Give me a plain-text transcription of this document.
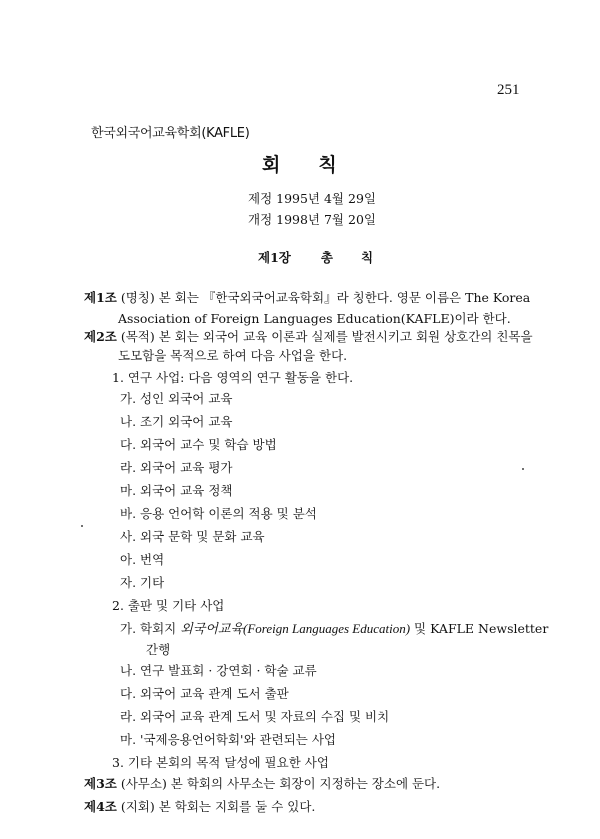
251
한국외국어교육학회(KAFLE)
회 칙
제정 1995년 4월 29일
개정 1998년 7월 20일
제1장 총 칙
제1조 (명칭) 본 회는 『한국외국어교육학회』라 칭한다. 영문 이름은 The Korea
Association of Foreign Languages Education(KAFLE)이라 한다.
제2조 (목적) 본 회는 외국어 교육 이론과 실제를 발전시키고 회원 상호간의 친목을
도모함을 목적으로 하여 다음 사업을 한다.
1. 연구 사업: 다음 영역의 연구 활동을 한다.
가. 성인 외국어 교육
나. 조기 외국어 교육
다. 외국어 교수 및 학습 방법
라. 외국어 교육 평가
마. 외국어 교육 정책
바. 응용 언어학 이론의 적용 및 분석
사. 외국 문학 및 문화 교육
아. 번역
자. 기타
2. 출판 및 기타 사업
가. 학회지 외국어교육(Foreign Languages Education) 및 KAFLE Newsletter
간행
나. 연구 발표회 · 강연회 · 학술 교류
다. 외국어 교육 관계 도서 출판
라. 외국어 교육 관계 도서 및 자료의 수집 및 비치
마. '국제응용언어학회'와 관련되는 사업
3. 기타 본회의 목적 달성에 필요한 사업
제3조 (사무소) 본 학회의 사무소는 회장이 지정하는 장소에 둔다.
제4조 (지회) 본 학회는 지회를 둘 수 있다.
